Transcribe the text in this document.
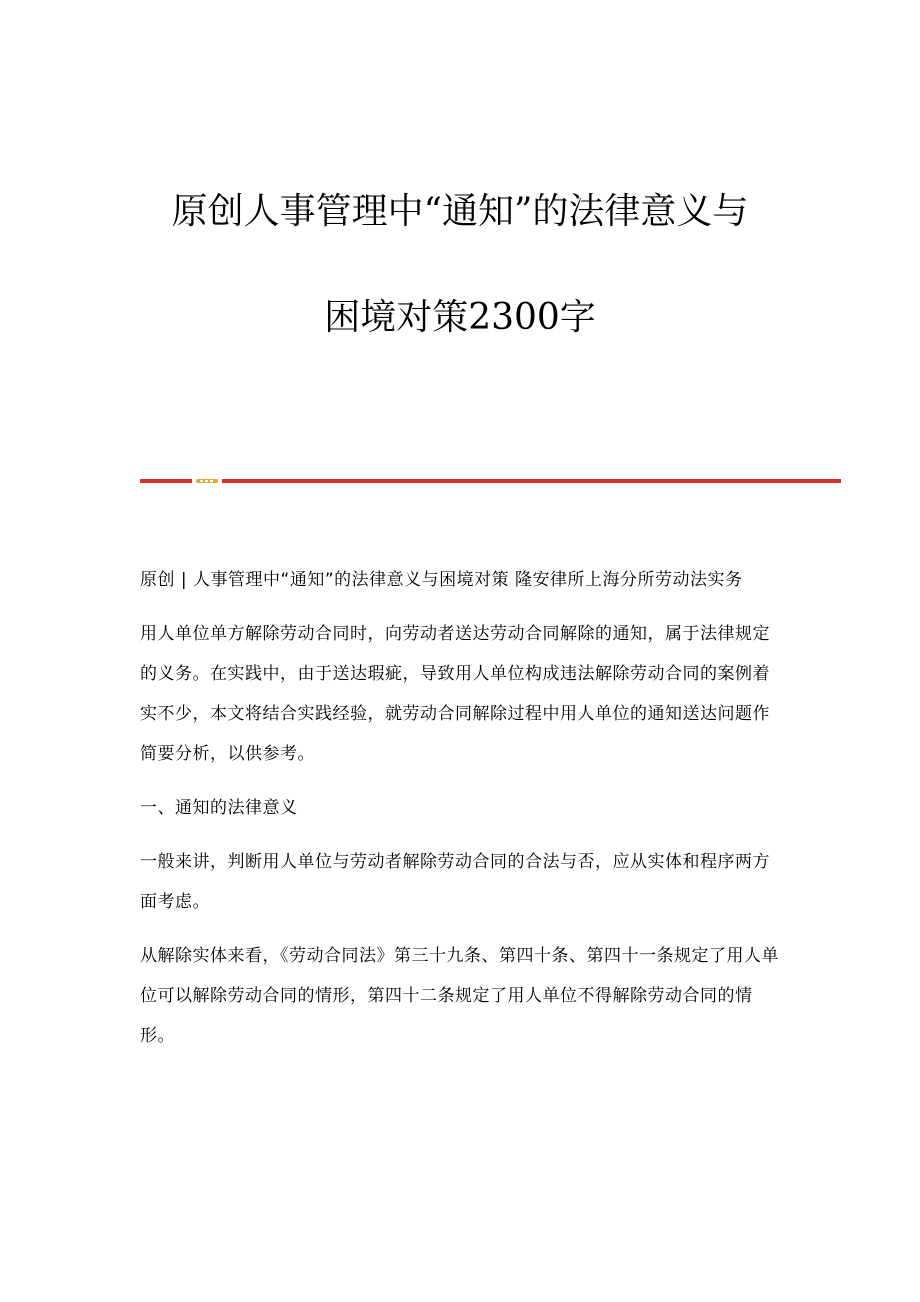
原创人事管理中“通知”的法律意义与
困境对策2300字

原创 | 人事管理中“通知”的法律意义与困境对策 隆安律所上海分所劳动法实务

用人单位单方解除劳动合同时，向劳动者送达劳动合同解除的通知，属于法律规定的义务。在实践中，由于送达瑕疵，导致用人单位构成违法解除劳动合同的案例着实不少，本文将结合实践经验，就劳动合同解除过程中用人单位的通知送达问题作简要分析，以供参考。

一、通知的法律意义

一般来讲，判断用人单位与劳动者解除劳动合同的合法与否，应从实体和程序两方面考虑。

从解除实体来看，《劳动合同法》第三十九条、第四十条、第四十一条规定了用人单位可以解除劳动合同的情形，第四十二条规定了用人单位不得解除劳动合同的情形。
